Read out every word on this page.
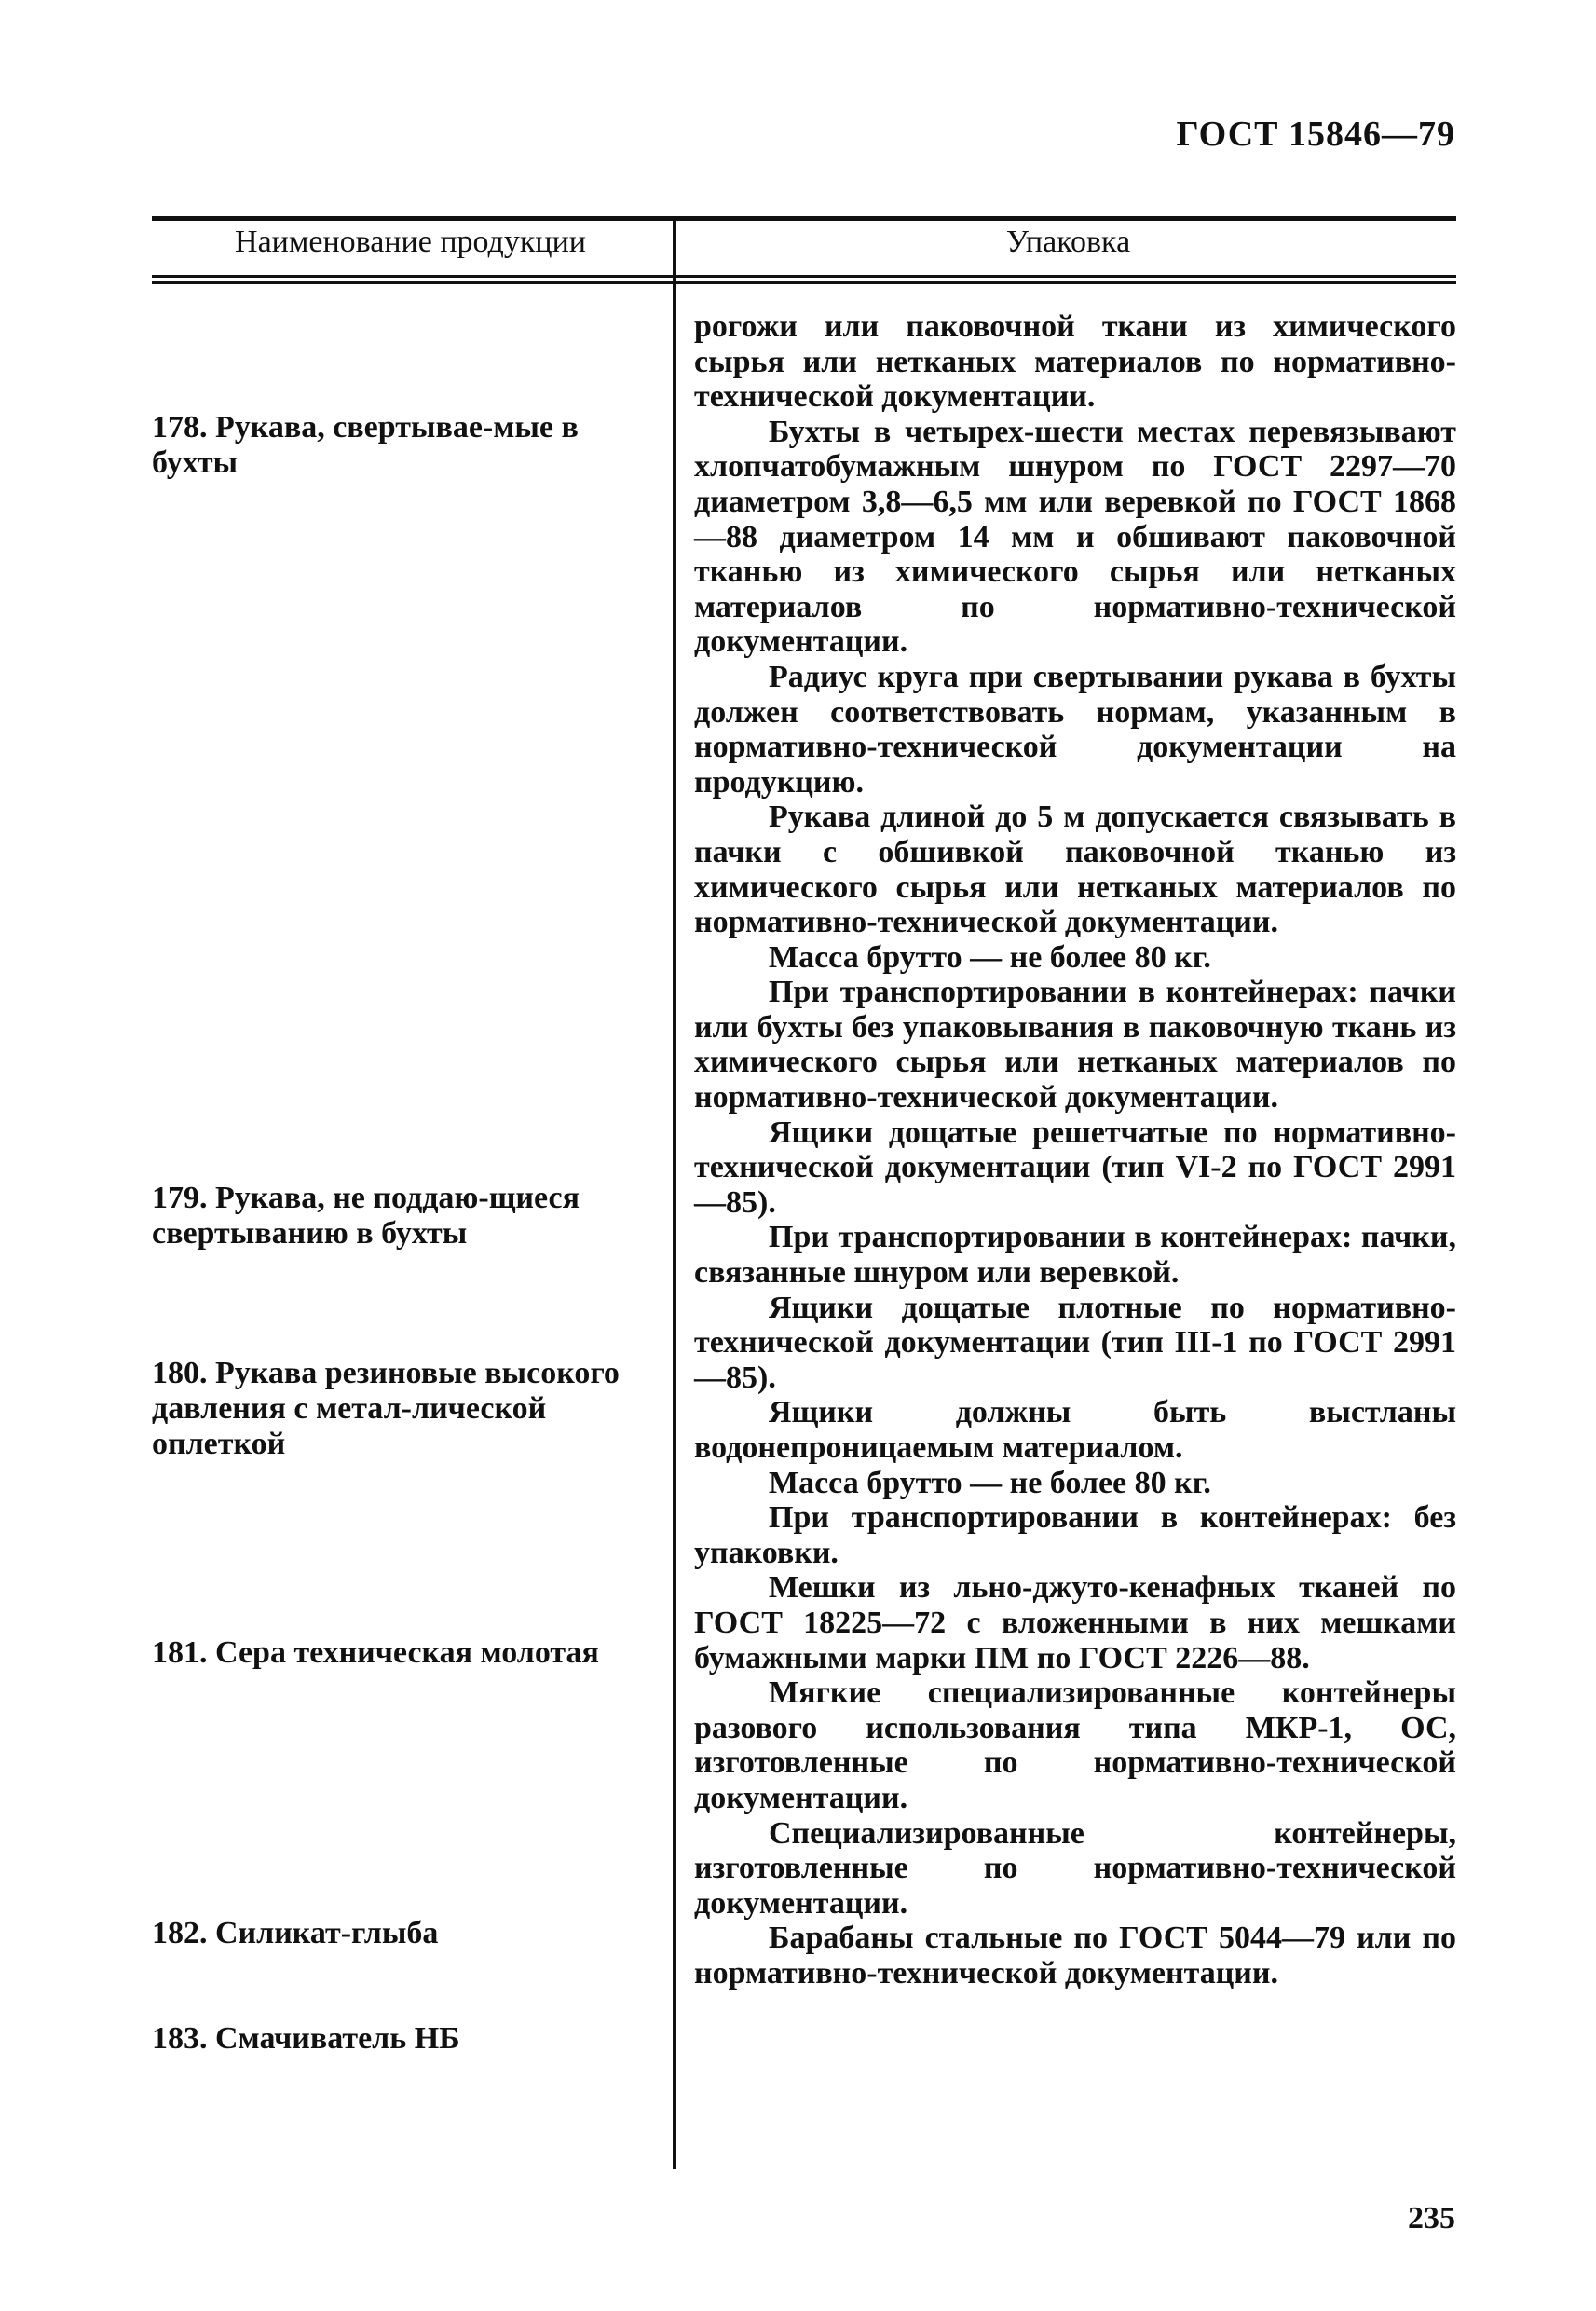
ГОСТ 15846—79
Наименование продукции	Упаковка
178. Рукава, свертывае-мые в бухты
179. Рукава, не поддаю-щиеся свертыванию в бухты
180. Рукава резиновые высокого давления с метал-лической оплеткой
181. Сера техническая молотая
182. Силикат-глыба
183. Смачиватель НБ

рогожи или паковочной ткани из химического сырья или нетканых материалов по нормативно-технической документации.

Бухты в четырех-шести местах перевязывают хлопчатобумажным шнуром по ГОСТ 2297—70 диаметром 3,8—6,5 мм или веревкой по ГОСТ 1868—88 диаметром 14 мм и обшивают паковочной тканью из химического сырья или нетканых материалов по нормативно-технической документации.

Радиус круга при свертывании рукава в бухты должен соответствовать нормам, указанным в нормативно-технической документации на продукцию.

Рукава длиной до 5 м допускается связывать в пачки с обшивкой паковочной тканью из химического сырья или нетканых материалов по нормативно-технической документации.

Масса брутто — не более 80 кг.

При транспортировании в контейнерах: пачки или бухты без упаковывания в паковочную ткань из химического сырья или нетканых материалов по нормативно-технической документации.

Ящики дощатые решетчатые по нормативно-технической документации (тип VI-2 по ГОСТ 2991—85).

При транспортировании в контейнерах: пачки, связанные шнуром или веревкой.

Ящики дощатые плотные по нормативно-технической документации (тип III-1 по ГОСТ 2991—85).

Ящики должны быть выстланы водонепроницаемым материалом.

Масса брутто — не более 80 кг.

При транспортировании в контейнерах: без упаковки.

Мешки из льно-джуто-кенафных тканей по ГОСТ 18225—72 с вложенными в них мешками бумажными марки ПМ по ГОСТ 2226—88.

Мягкие специализированные контейнеры разового использования типа МКР-1, ОС, изготовленные по нормативно-технической документации.

Специализированные контейнеры, изготовленные по нормативно-технической документации.

Барабаны стальные по ГОСТ 5044—79 или по нормативно-технической документации.

235
